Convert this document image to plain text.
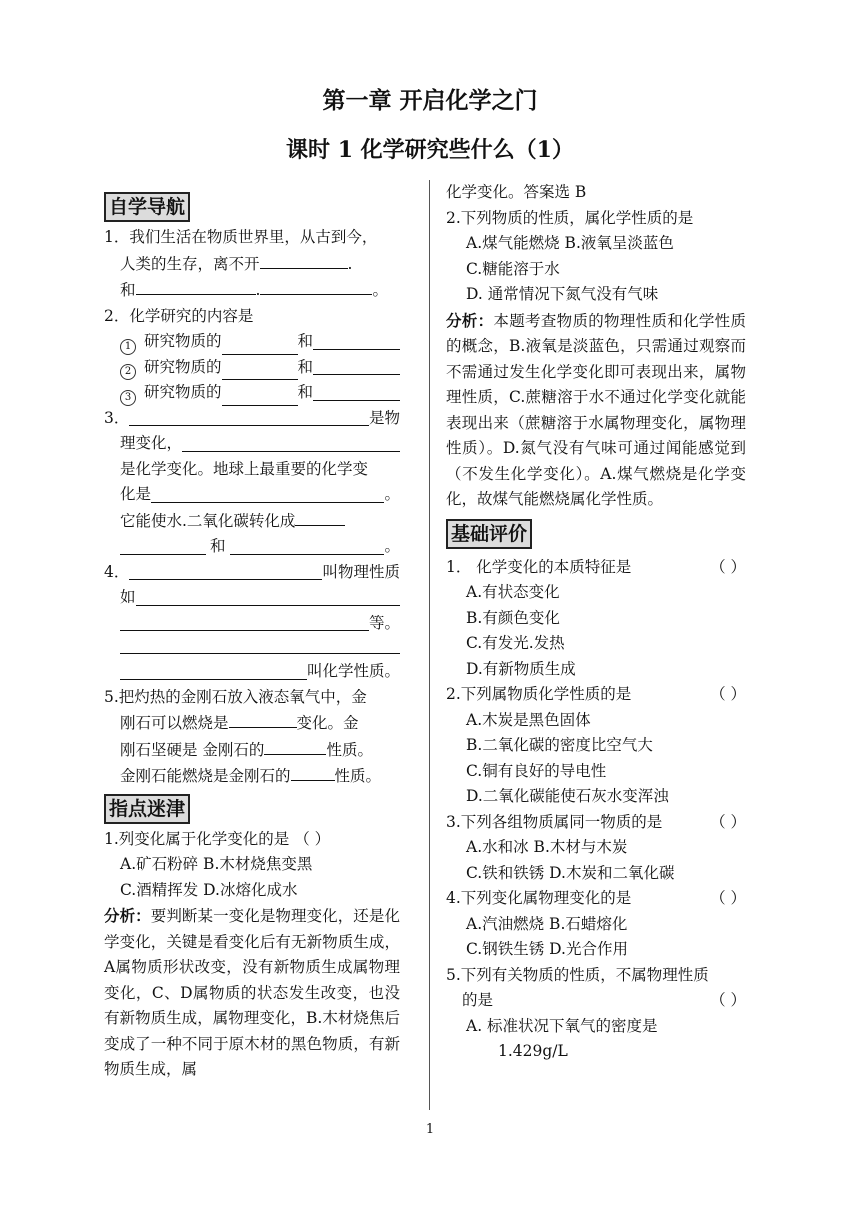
第一章 开启化学之门
课时 1 化学研究些什么（1）
自学导航

1．我们生活在物质世界里，从古到今，

人类的生存，离不开	.

和	.	。

2．化学研究的内容是

1 研究物质的	和
2 研究物质的	和
3 研究物质的	和
3．	是物
理变化，

是化学变化。地球上最重要的化学变

化是	。

它能使水.二氧化碳转化成

和	。
4．	叫物理性质
如
等。
叫化学性质。

5.把灼热的金刚石放入液态氧气中，金

刚石可以燃烧是	变化。金

刚石坚硬是 金刚石的	性质。

金刚石能燃烧是金刚石的	性质。

指点迷津

1.列变化属于化学变化的是 （ ）

A.矿石粉碎 B.木材烧焦变黑

C.酒精挥发 D.冰熔化成水

分析：要判断某一变化是物理变化，还是化学变化，关键是看变化后有无新物质生成，A属物质形状改变，没有新物质生成属物理变化，C、D属物质的状态发生改变，也没有新物质生成，属物理变化，B.木材烧焦后变成了一种不同于原木材的黑色物质，有新物质生成，属

化学变化。答案选 B

2.下列物质的性质，属化学性质的是

A.煤气能燃烧 B.液氧呈淡蓝色

C.糖能溶于水

D. 通常情况下氮气没有气味

分析：本题考查物质的物理性质和化学性质的概念，B.液氧是淡蓝色，只需通过观察而不需通过发生化学变化即可表现出来，属物理性质，C.蔗糖溶于水不通过化学变化就能表现出来（蔗糖溶于水属物理变化，属物理性质）。D.氮气没有气味可通过闻能感觉到（不发生化学变化）。A.煤气燃烧是化学变化，故煤气能燃烧属化学性质。

基础评价
1． 化学变化的本质特征是	（ ）

A.有状态变化

B.有颜色变化

C.有发光.发热

D.有新物质生成

2.下列属物质化学性质的是	（ ）

A.木炭是黑色固体

B.二氧化碳的密度比空气大

C.铜有良好的导电性

D.二氧化碳能使石灰水变浑浊

3.下列各组物质属同一物质的是	（ ）

A.水和冰 B.木材与木炭

C.铁和铁锈 D.木炭和二氧化碳

4.下列变化属物理变化的是	（ ）

A.汽油燃烧 B.石蜡熔化

C.钢铁生锈 D.光合作用

5.下列有关物质的性质，不属物理性质

的是	（ ）

A. 标准状况下氧气的密度是

1.429g/L

1
